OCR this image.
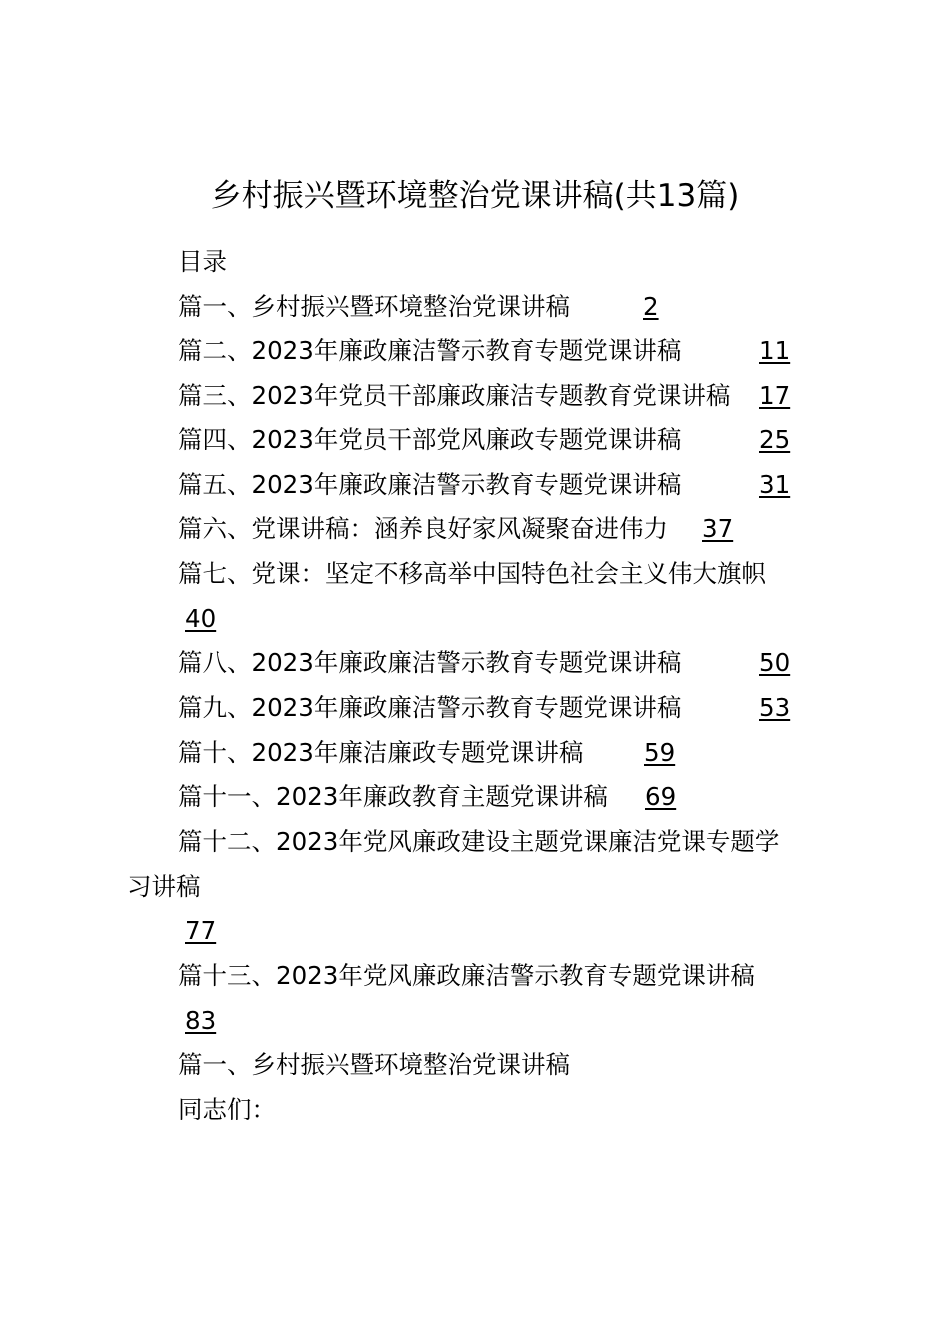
乡村振兴暨环境整治党课讲稿(共13篇)
目录
篇一、乡村振兴暨环境整治党课讲稿	2
篇二、2023年廉政廉洁警示教育专题党课讲稿	11
篇三、2023年党员干部廉政廉洁专题教育党课讲稿 17
篇四、2023年党员干部党风廉政专题党课讲稿	25
篇五、2023年廉政廉洁警示教育专题党课讲稿	31
篇六、党课讲稿：涵养良好家风凝聚奋进伟力 37
篇七、党课：坚定不移高举中国特色社会主义伟大旗帜
40
篇八、2023年廉政廉洁警示教育专题党课讲稿	50
篇九、2023年廉政廉洁警示教育专题党课讲稿	53
篇十、2023年廉洁廉政专题党课讲稿 59
篇十一、2023年廉政教育主题党课讲稿 69
篇十二、2023年党风廉政建设主题党课廉洁党课专题学
习讲稿
77
篇十三、2023年党风廉政廉洁警示教育专题党课讲稿
83
篇一、乡村振兴暨环境整治党课讲稿
同志们：
